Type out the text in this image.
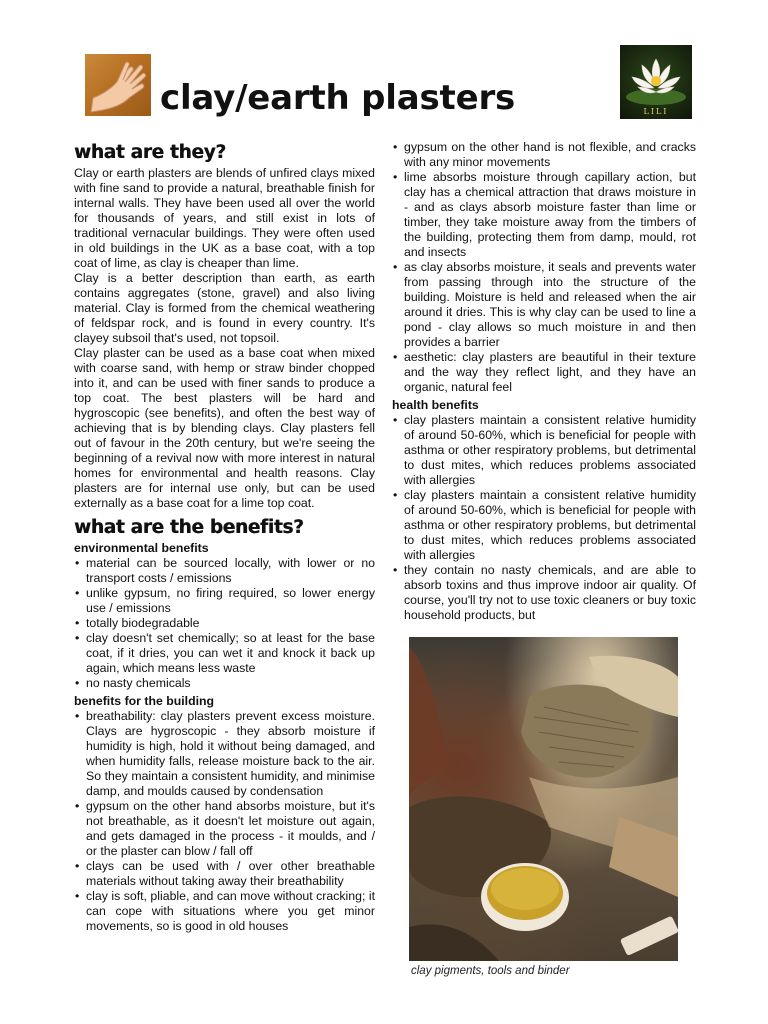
clay/earth plasters	LILI
what are they?

Clay or earth plasters are blends of unfired clays mixed with fine sand to provide a natural, breathable finish for internal walls. They have been used all over the world for thousands of years, and still exist in lots of traditional vernacular buildings. They were often used in old buildings in the UK as a base coat, with a top coat of lime, as clay is cheaper than lime.

Clay is a better description than earth, as earth contains aggregates (stone, gravel) and also living material. Clay is formed from the chemical weathering of feldspar rock, and is found in every country. It's clayey subsoil that's used, not topsoil.

Clay plaster can be used as a base coat when mixed with coarse sand, with hemp or straw binder chopped into it, and can be used with finer sands to produce a top coat. The best plasters will be hard and hygroscopic (see benefits), and often the best way of achieving that is by blending clays. Clay plasters fell out of favour in the 20th century, but we're seeing the beginning of a revival now with more interest in natural homes for environmental and health reasons. Clay plasters are for internal use only, but can be used externally as a base coat for a lime top coat.

what are the benefits?
environmental benefits
• material can be sourced locally, with lower or no transport costs / emissions
• unlike gypsum, no firing required, so lower energy use / emissions
• totally biodegradable
• clay doesn't set chemically; so at least for the base coat, if it dries, you can wet it and knock it back up again, which means less waste
• no nasty chemicals
benefits for the building
• breathability: clay plasters prevent excess moisture. Clays are hygroscopic - they absorb moisture if humidity is high, hold it without being damaged, and when humidity falls, release moisture back to the air. So they maintain a consistent humidity, and minimise damp, and moulds caused by condensation
• gypsum on the other hand absorbs moisture, but it's not breathable, as it doesn't let moisture out again, and gets damaged in the process - it moulds, and / or the plaster can blow / fall off
• clays can be used with / over other breathable materials without taking away their breathability
• clay is soft, pliable, and can move without cracking; it can cope with situations where you get minor movements, so is good in old houses
• gypsum on the other hand is not flexible, and cracks with any minor movements
• lime absorbs moisture through capillary action, but clay has a chemical attraction that draws moisture in - and as clays absorb moisture faster than lime or timber, they take moisture away from the timbers of the building, protecting them from damp, mould, rot and insects
• as clay absorbs moisture, it seals and prevents water from passing through into the structure of the building. Moisture is held and released when the air around it dries. This is why clay can be used to line a pond - clay allows so much moisture in and then provides a barrier
• aesthetic: clay plasters are beautiful in their texture and the way they reflect light, and they have an organic, natural feel
health benefits
• clay plasters maintain a consistent relative humidity of around 50-60%, which is beneficial for people with asthma or other respiratory problems, but detrimental to dust mites, which reduces problems associated with allergies
• clay plasters maintain a consistent relative humidity of around 50-60%, which is beneficial for people with asthma or other respiratory problems, but detrimental to dust mites, which reduces problems associated with allergies
• they contain no nasty chemicals, and are able to absorb toxins and thus improve indoor air quality. Of course, you'll try not to use toxic cleaners or buy toxic household products, but
clay pigments, tools and binder
